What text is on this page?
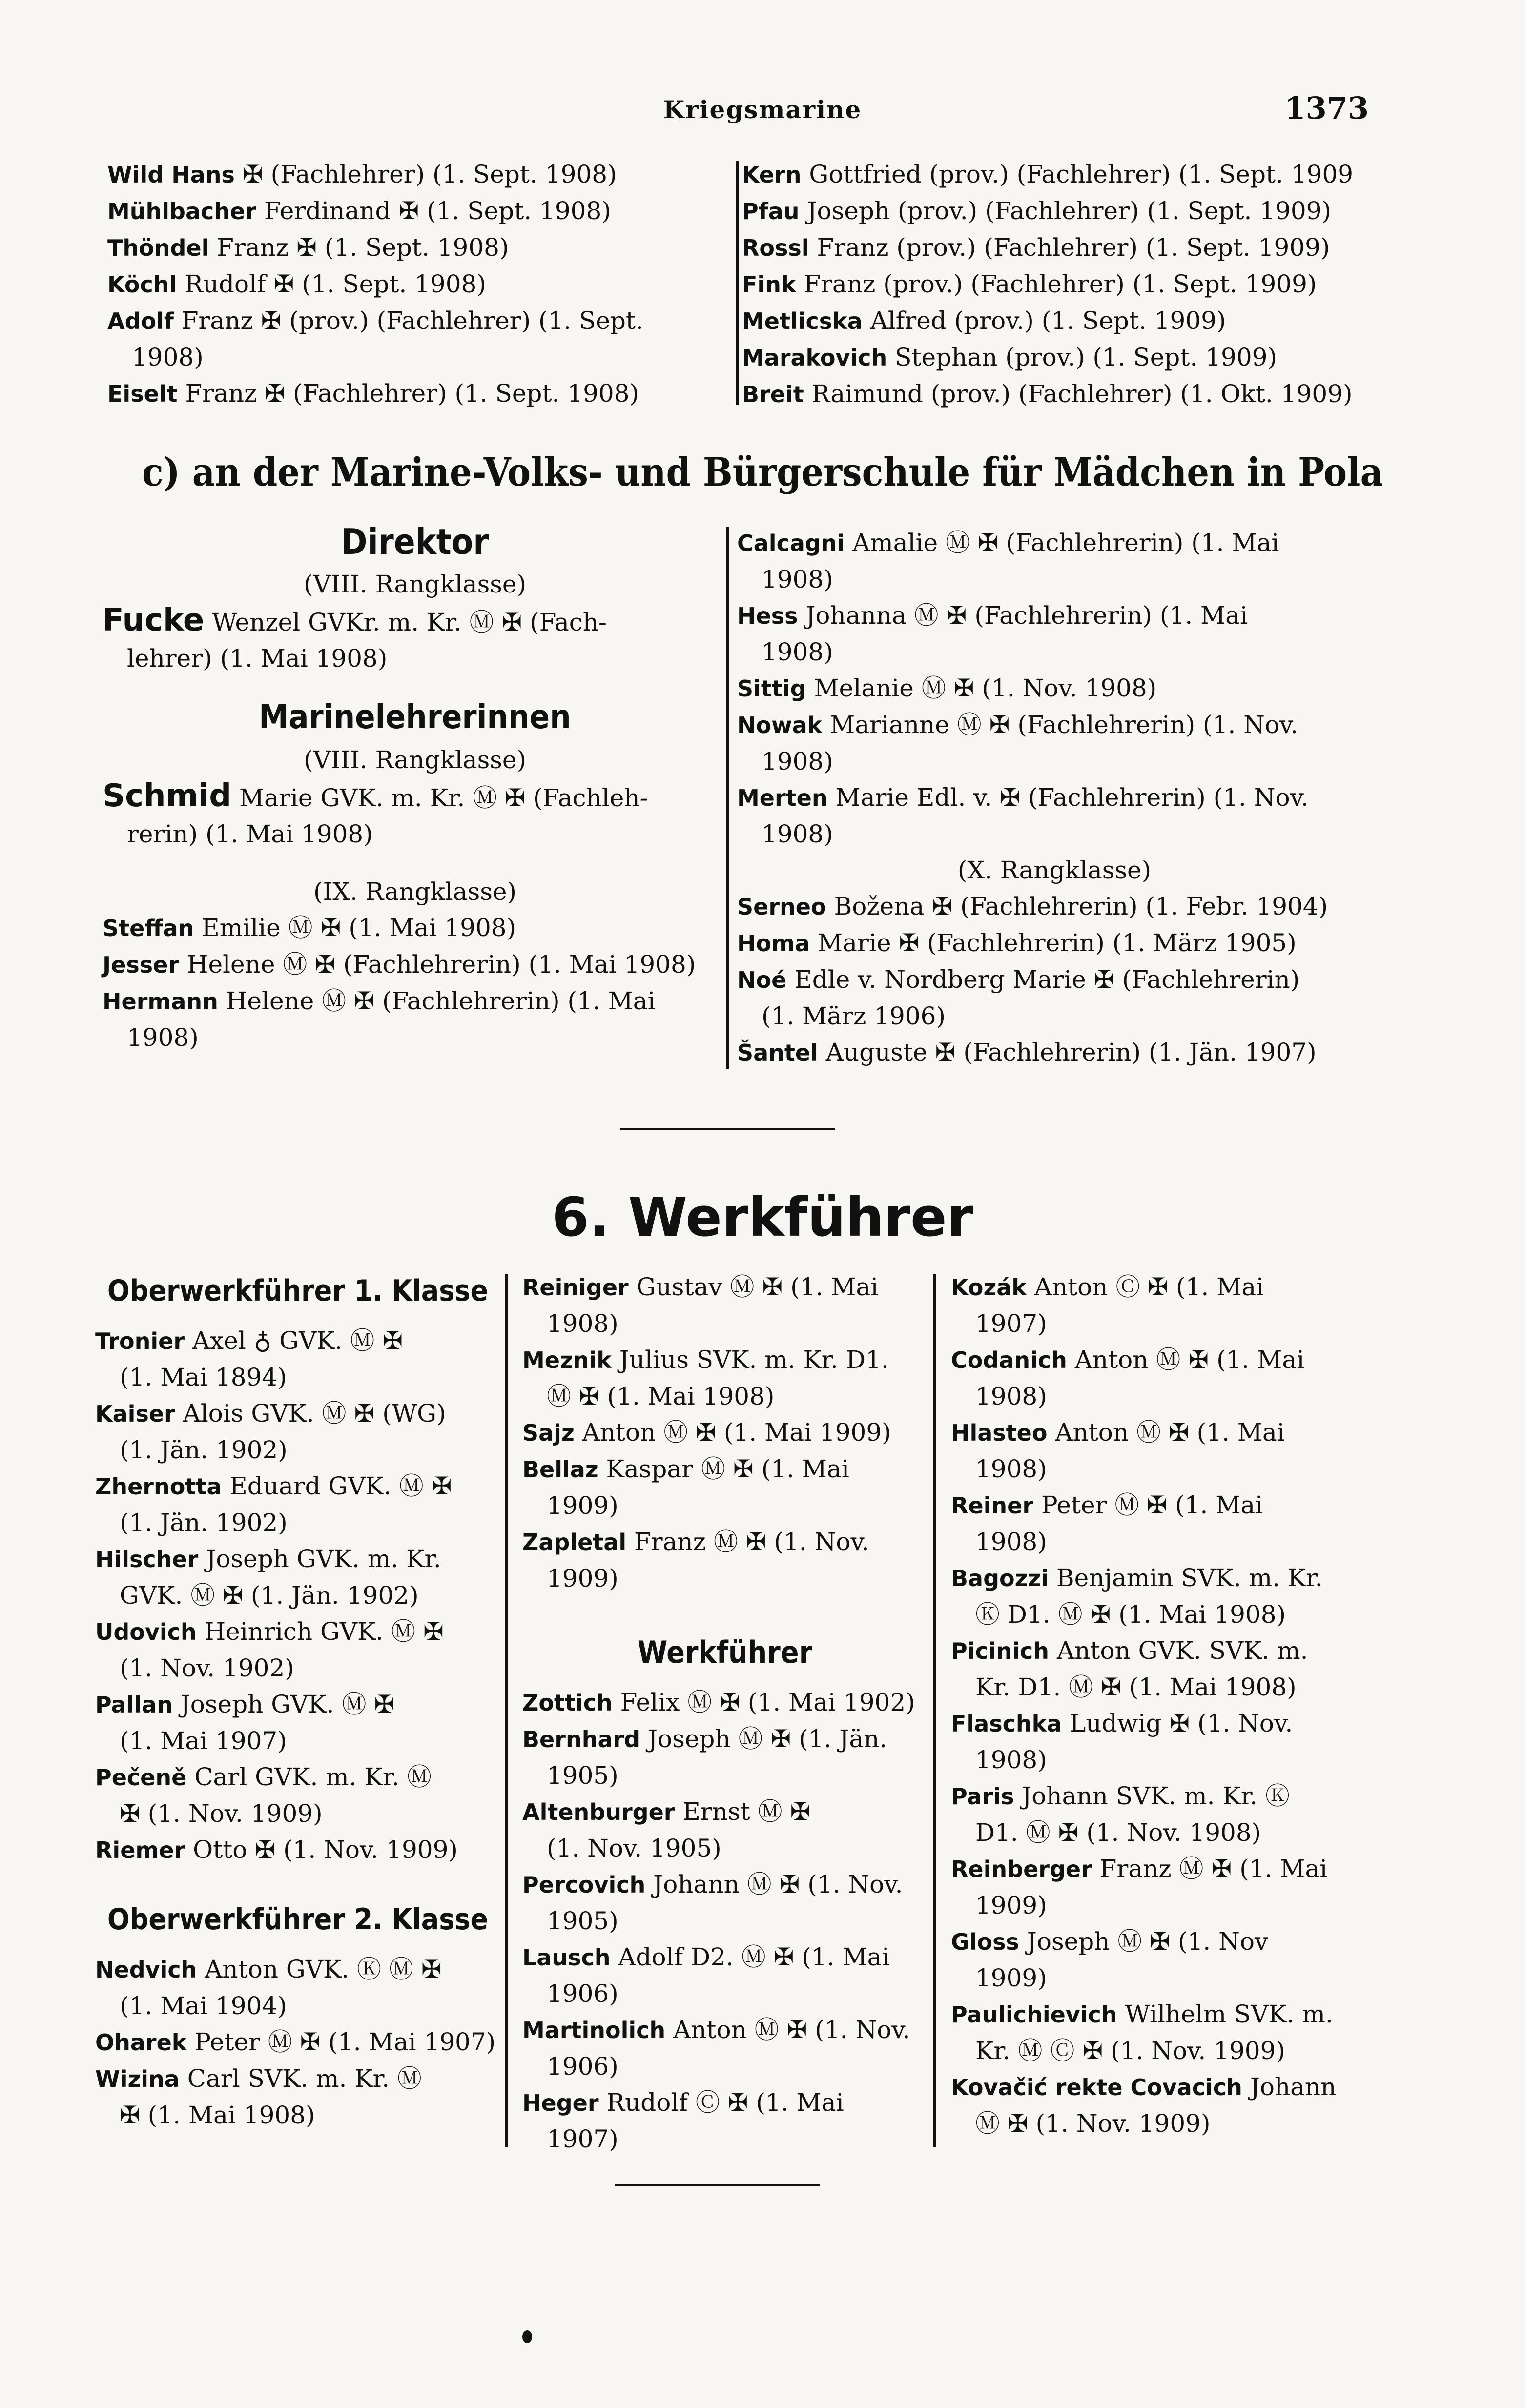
Kriegsmarine	1373
Wild Hans ✠ (Fachlehrer) (1. Sept. 1908)
Mühlbacher Ferdinand ✠ (1. Sept. 1908)
Thöndel Franz ✠ (1. Sept. 1908)
Köchl Rudolf ✠ (1. Sept. 1908)
Adolf Franz ✠ (prov.) (Fachlehrer) (1. Sept.
1908)
Eiselt Franz ✠ (Fachlehrer) (1. Sept. 1908)
Kern Gottfried (prov.) (Fachlehrer) (1. Sept. 1909
Pfau Joseph (prov.) (Fachlehrer) (1. Sept. 1909)
Rossl Franz (prov.) (Fachlehrer) (1. Sept. 1909)
Fink Franz (prov.) (Fachlehrer) (1. Sept. 1909)
Metlicska Alfred (prov.) (1. Sept. 1909)
Marakovich Stephan (prov.) (1. Sept. 1909)
Breit Raimund (prov.) (Fachlehrer) (1. Okt. 1909)
c) an der Marine-Volks- und Bürgerschule für Mädchen in Pola
Direktor
(VIII. Rangklasse)
Fucke Wenzel GVKr. m. Kr. Ⓜ ✠ (Fach-
lehrer) (1. Mai 1908)
Marinelehrerinnen
(VIII. Rangklasse)
Schmid Marie GVK. m. Kr. Ⓜ ✠ (Fachleh-
rerin) (1. Mai 1908)
(IX. Rangklasse)
Steffan Emilie Ⓜ ✠ (1. Mai 1908)
Jesser Helene Ⓜ ✠ (Fachlehrerin) (1. Mai 1908)
Hermann Helene Ⓜ ✠ (Fachlehrerin) (1. Mai
1908)
Calcagni Amalie Ⓜ ✠ (Fachlehrerin) (1. Mai
1908)
Hess Johanna Ⓜ ✠ (Fachlehrerin) (1. Mai
1908)
Sittig Melanie Ⓜ ✠ (1. Nov. 1908)
Nowak Marianne Ⓜ ✠ (Fachlehrerin) (1. Nov.
1908)
Merten Marie Edl. v. ✠ (Fachlehrerin) (1. Nov.
1908)
(X. Rangklasse)
Serneo Božena ✠ (Fachlehrerin) (1. Febr. 1904)
Homa Marie ✠ (Fachlehrerin) (1. März 1905)
Noé Edle v. Nordberg Marie ✠ (Fachlehrerin)
(1. März 1906)
Šantel Auguste ✠ (Fachlehrerin) (1. Jän. 1907)
6. Werkführer
Oberwerkführer 1. Klasse
Tronier Axel ♁ GVK. Ⓜ ✠
(1. Mai 1894)
Kaiser Alois GVK. Ⓜ ✠ (WG)
(1. Jän. 1902)
Zhernotta Eduard GVK. Ⓜ ✠
(1. Jän. 1902)
Hilscher Joseph GVK. m. Kr.
GVK. Ⓜ ✠ (1. Jän. 1902)
Udovich Heinrich GVK. Ⓜ ✠
(1. Nov. 1902)
Pallan Joseph GVK. Ⓜ ✠
(1. Mai 1907)
Pečeně Carl GVK. m. Kr. Ⓜ
✠ (1. Nov. 1909)
Riemer Otto ✠ (1. Nov. 1909)
Oberwerkführer 2. Klasse
Nedvich Anton GVK. Ⓚ Ⓜ ✠
(1. Mai 1904)
Oharek Peter Ⓜ ✠ (1. Mai 1907)
Wizina Carl SVK. m. Kr. Ⓜ
✠ (1. Mai 1908)
Reiniger Gustav Ⓜ ✠ (1. Mai
1908)
Meznik Julius SVK. m. Kr. D1.
Ⓜ ✠ (1. Mai 1908)
Sajz Anton Ⓜ ✠ (1. Mai 1909)
Bellaz Kaspar Ⓜ ✠ (1. Mai
1909)
Zapletal Franz Ⓜ ✠ (1. Nov.
1909)
Werkführer
Zottich Felix Ⓜ ✠ (1. Mai 1902)
Bernhard Joseph Ⓜ ✠ (1. Jän.
1905)
Altenburger Ernst Ⓜ ✠
(1. Nov. 1905)
Percovich Johann Ⓜ ✠ (1. Nov.
1905)
Lausch Adolf D2. Ⓜ ✠ (1. Mai
1906)
Martinolich Anton Ⓜ ✠ (1. Nov.
1906)
Heger Rudolf Ⓒ ✠ (1. Mai
1907)
Kozák Anton Ⓒ ✠ (1. Mai
1907)
Codanich Anton Ⓜ ✠ (1. Mai
1908)
Hlasteo Anton Ⓜ ✠ (1. Mai
1908)
Reiner Peter Ⓜ ✠ (1. Mai
1908)
Bagozzi Benjamin SVK. m. Kr.
Ⓚ D1. Ⓜ ✠ (1. Mai 1908)
Picinich Anton GVK. SVK. m.
Kr. D1. Ⓜ ✠ (1. Mai 1908)
Flaschka Ludwig ✠ (1. Nov.
1908)
Paris Johann SVK. m. Kr. Ⓚ
D1. Ⓜ ✠ (1. Nov. 1908)
Reinberger Franz Ⓜ ✠ (1. Mai
1909)
Gloss Joseph Ⓜ ✠ (1. Nov
1909)
Paulichievich Wilhelm SVK. m.
Kr. Ⓜ Ⓒ ✠ (1. Nov. 1909)
Kovačić rekte Covacich Johann
Ⓜ ✠ (1. Nov. 1909)
